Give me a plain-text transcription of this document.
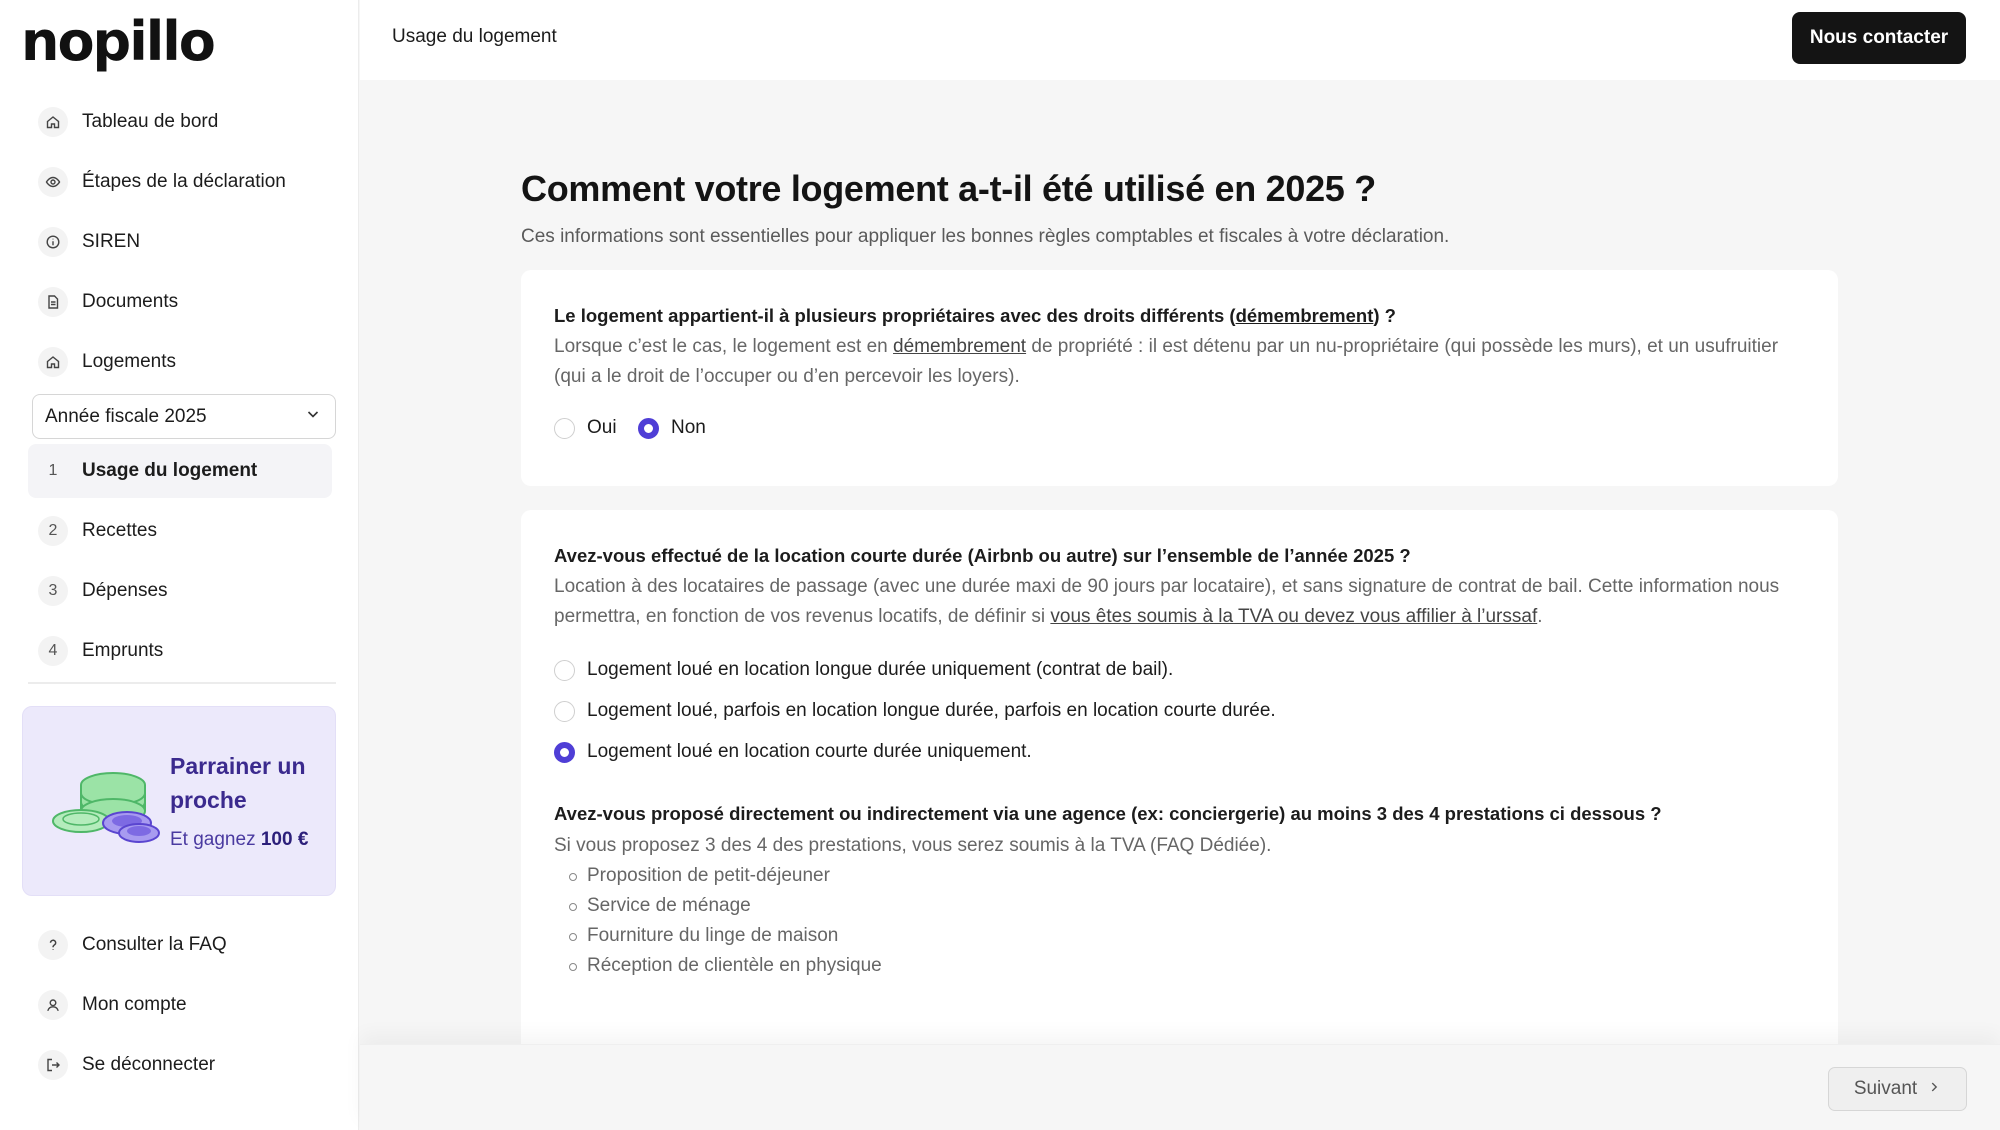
nopillo
Tableau de bord
Étapes de la déclaration
SIREN
Documents
Logements
Année fiscale 2025
1	Usage du logement
2	Recettes
3	Dépenses
4	Emprunts
Parrainer un proche
Et gagnez 100 €
Consulter la FAQ
Mon compte
Se déconnecter
Usage du logement	Nous contacter
Comment votre logement a-t-il été utilisé en 2025 ?
Ces informations sont essentielles pour appliquer les bonnes règles comptables et fiscales à votre déclaration.
Le logement appartient-il à plusieurs propriétaires avec des droits différents (démembrement) ?
Lorsque c’est le cas, le logement est en démembrement de propriété : il est détenu par un nu-propriétaire (qui possède les murs), et un usufruitier (qui a le droit de l’occuper ou d’en percevoir les loyers).
Oui	Non
Avez-vous effectué de la location courte durée (Airbnb ou autre) sur l’ensemble de l’année 2025 ?
Location à des locataires de passage (avec une durée maxi de 90 jours par locataire), et sans signature de contrat de bail. Cette information nous permettra, en fonction de vos revenus locatifs, de définir si vous êtes soumis à la TVA ou devez vous affilier à l’urssaf.
Logement loué en location longue durée uniquement (contrat de bail).
Logement loué, parfois en location longue durée, parfois en location courte durée.
Logement loué en location courte durée uniquement.
Avez-vous proposé directement ou indirectement via une agence (ex: conciergerie) au moins 3 des 4 prestations ci dessous ?
Si vous proposez 3 des 4 des prestations, vous serez soumis à la TVA (FAQ Dédiée).
Proposition de petit-déjeuner
Service de ménage
Fourniture du linge de maison
Réception de clientèle en physique
Suivant
